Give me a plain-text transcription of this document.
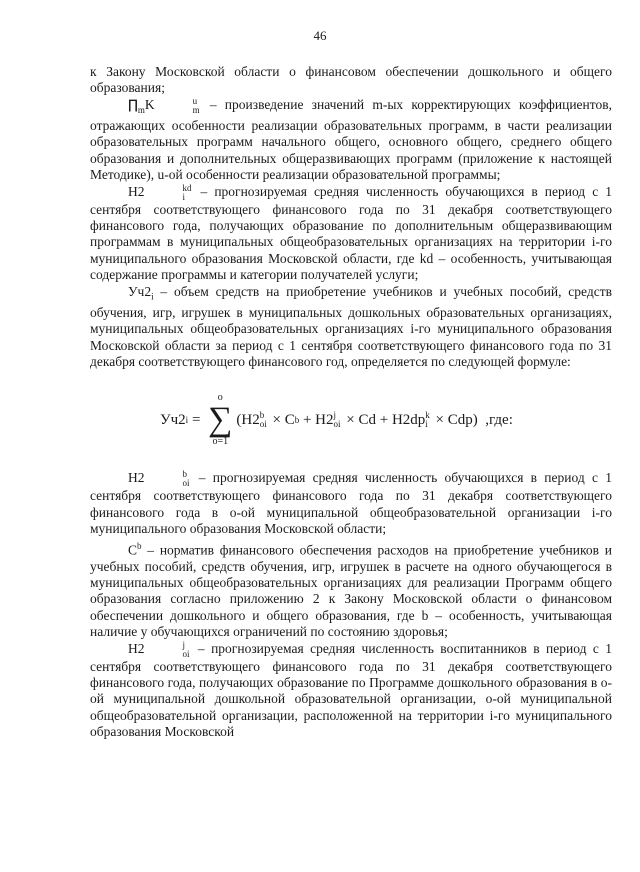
46

к Закону Московской области о финансовом обеспечении дошкольного и общего образования;

$\prod_mK$	u
m – произведение значений m-ых корректирующих коэффициентов, отражающих особенности реализации образовательных программ, в части реализации образовательных программ начального общего, основного общего, среднего общего образования и дополнительных общеразвивающих программ (приложение к настоящей Методике), u-ой особенности реализации образовательной программы;

Н2	kd
i – прогнозируемая средняя численность обучающихся в период с 1 сентября соответствующего финансового года по 31 декабря соответствующего финансового года, получающих образование по дополнительным общеразвивающим программам в муниципальных общеобразовательных организациях на территории i-го муниципального образования Московской области, где kd – особенность, учитывающая содержание программы и категории получателей услуги;

$Уч2_i$ – объем средств на приобретение учебников и учебных пособий, средств обучения, игр, игрушек в муниципальных дошкольных образовательных организациях, муниципальных общеобразовательных организациях i-го муниципального образования Московской области за период с 1 сентября соответствующего финансового года по 31 декабря соответствующего финансового год, определяется по следующей формуле:

Уч2 i =
o
∑
o=1
(Н2 b
oi × С b + Н2 j
oi × Cd + Н2dp k
i × Cdp) ,где:

Н2	b
oi – прогнозируемая средняя численность обучающихся в период с 1 сентября соответствующего финансового года по 31 декабря соответствующего финансового года в о-ой муниципальной общеобразовательной организации i-го муниципального образования Московской области;

$С^b$ – норматив финансового обеспечения расходов на приобретение учебников и учебных пособий, средств обучения, игр, игрушек в расчете на одного обучающегося в муниципальных общеобразовательных организациях для реализации Программ общего образования согласно приложению 2 к Закону Московской области о финансовом обеспечении дошкольного и общего образования, где b – особенность, учитывающая наличие у обучающихся ограничений по состоянию здоровья;

Н2	j
oi – прогнозируемая средняя численность воспитанников в период с 1 сентября соответствующего финансового года по 31 декабря соответствующего финансового года, получающих образование по Программе дошкольного образования в о-ой муниципальной дошкольной образовательной организации, о-ой муниципальной общеобразовательной организации, расположенной на территории i-го муниципального образования Московской
